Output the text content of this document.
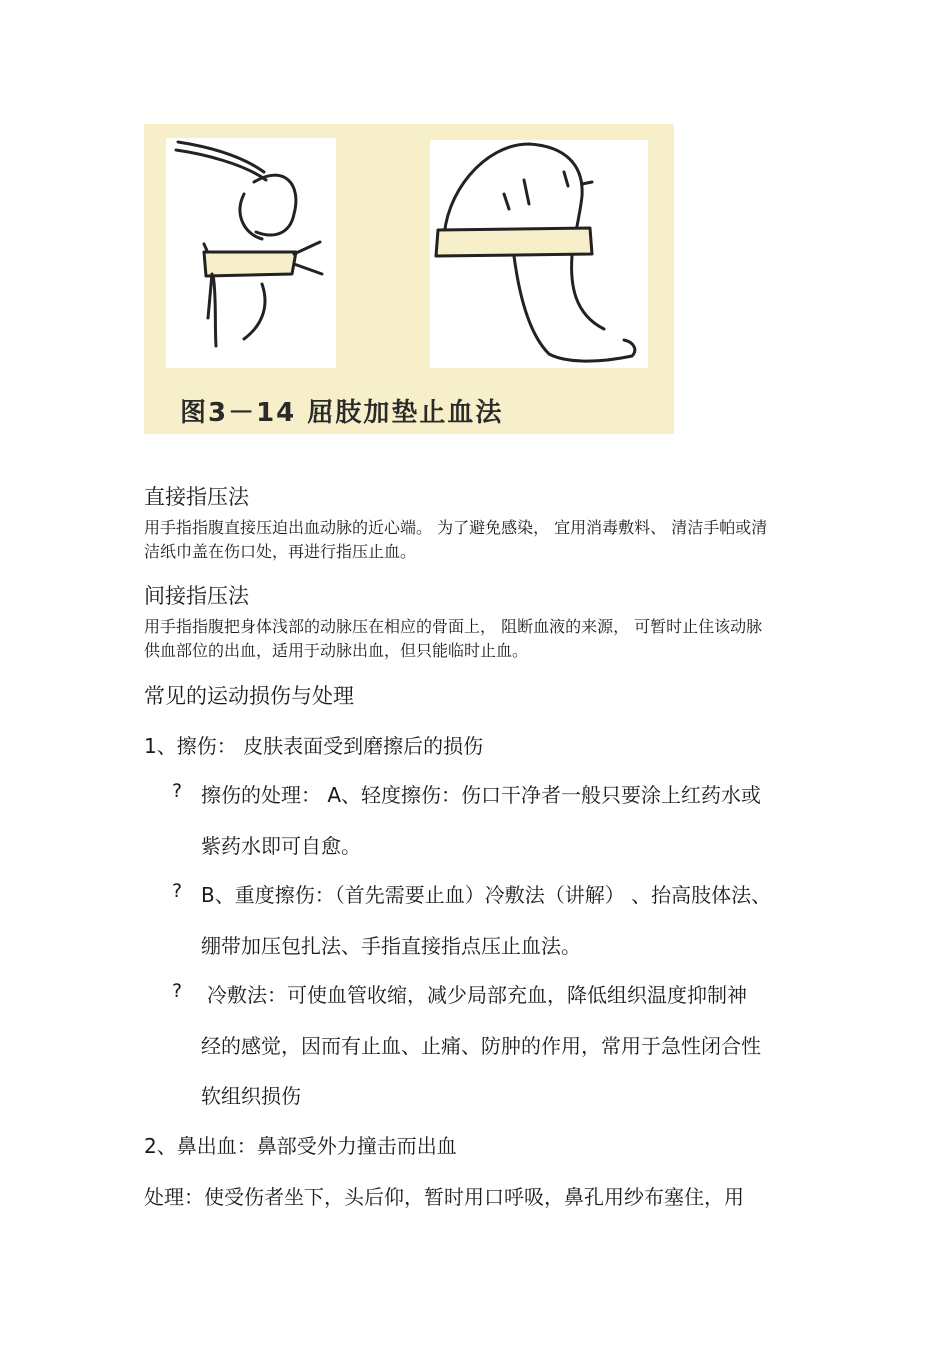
图3－14 屈肢加垫止血法
直接指压法
用手指指腹直接压迫出血动脉的近心端。 为了避免感染， 宜用消毒敷料、 清洁手帕或清
洁纸巾盖在伤口处，再进行指压止血。
间接指压法
用手指指腹把身体浅部的动脉压在相应的骨面上， 阻断血液的来源， 可暂时止住该动脉
供血部位的出血，适用于动脉出血，但只能临时止血。
常见的运动损伤与处理
1、擦伤： 皮肤表面受到磨擦后的损伤
? 擦伤的处理： A、轻度擦伤：伤口干净者一般只要涂上红药水或
紫药水即可自愈。
? B、重度擦伤：（首先需要止血）冷敷法（讲解） 、抬高肢体法、
绷带加压包扎法、手指直接指点压止血法。
? 冷敷法：可使血管收缩，减少局部充血，降低组织温度抑制神
经的感觉，因而有止血、止痛、防肿的作用，常用于急性闭合性
软组织损伤
2、鼻出血：鼻部受外力撞击而出血
处理：使受伤者坐下，头后仰，暂时用口呼吸，鼻孔用纱布塞住，用
